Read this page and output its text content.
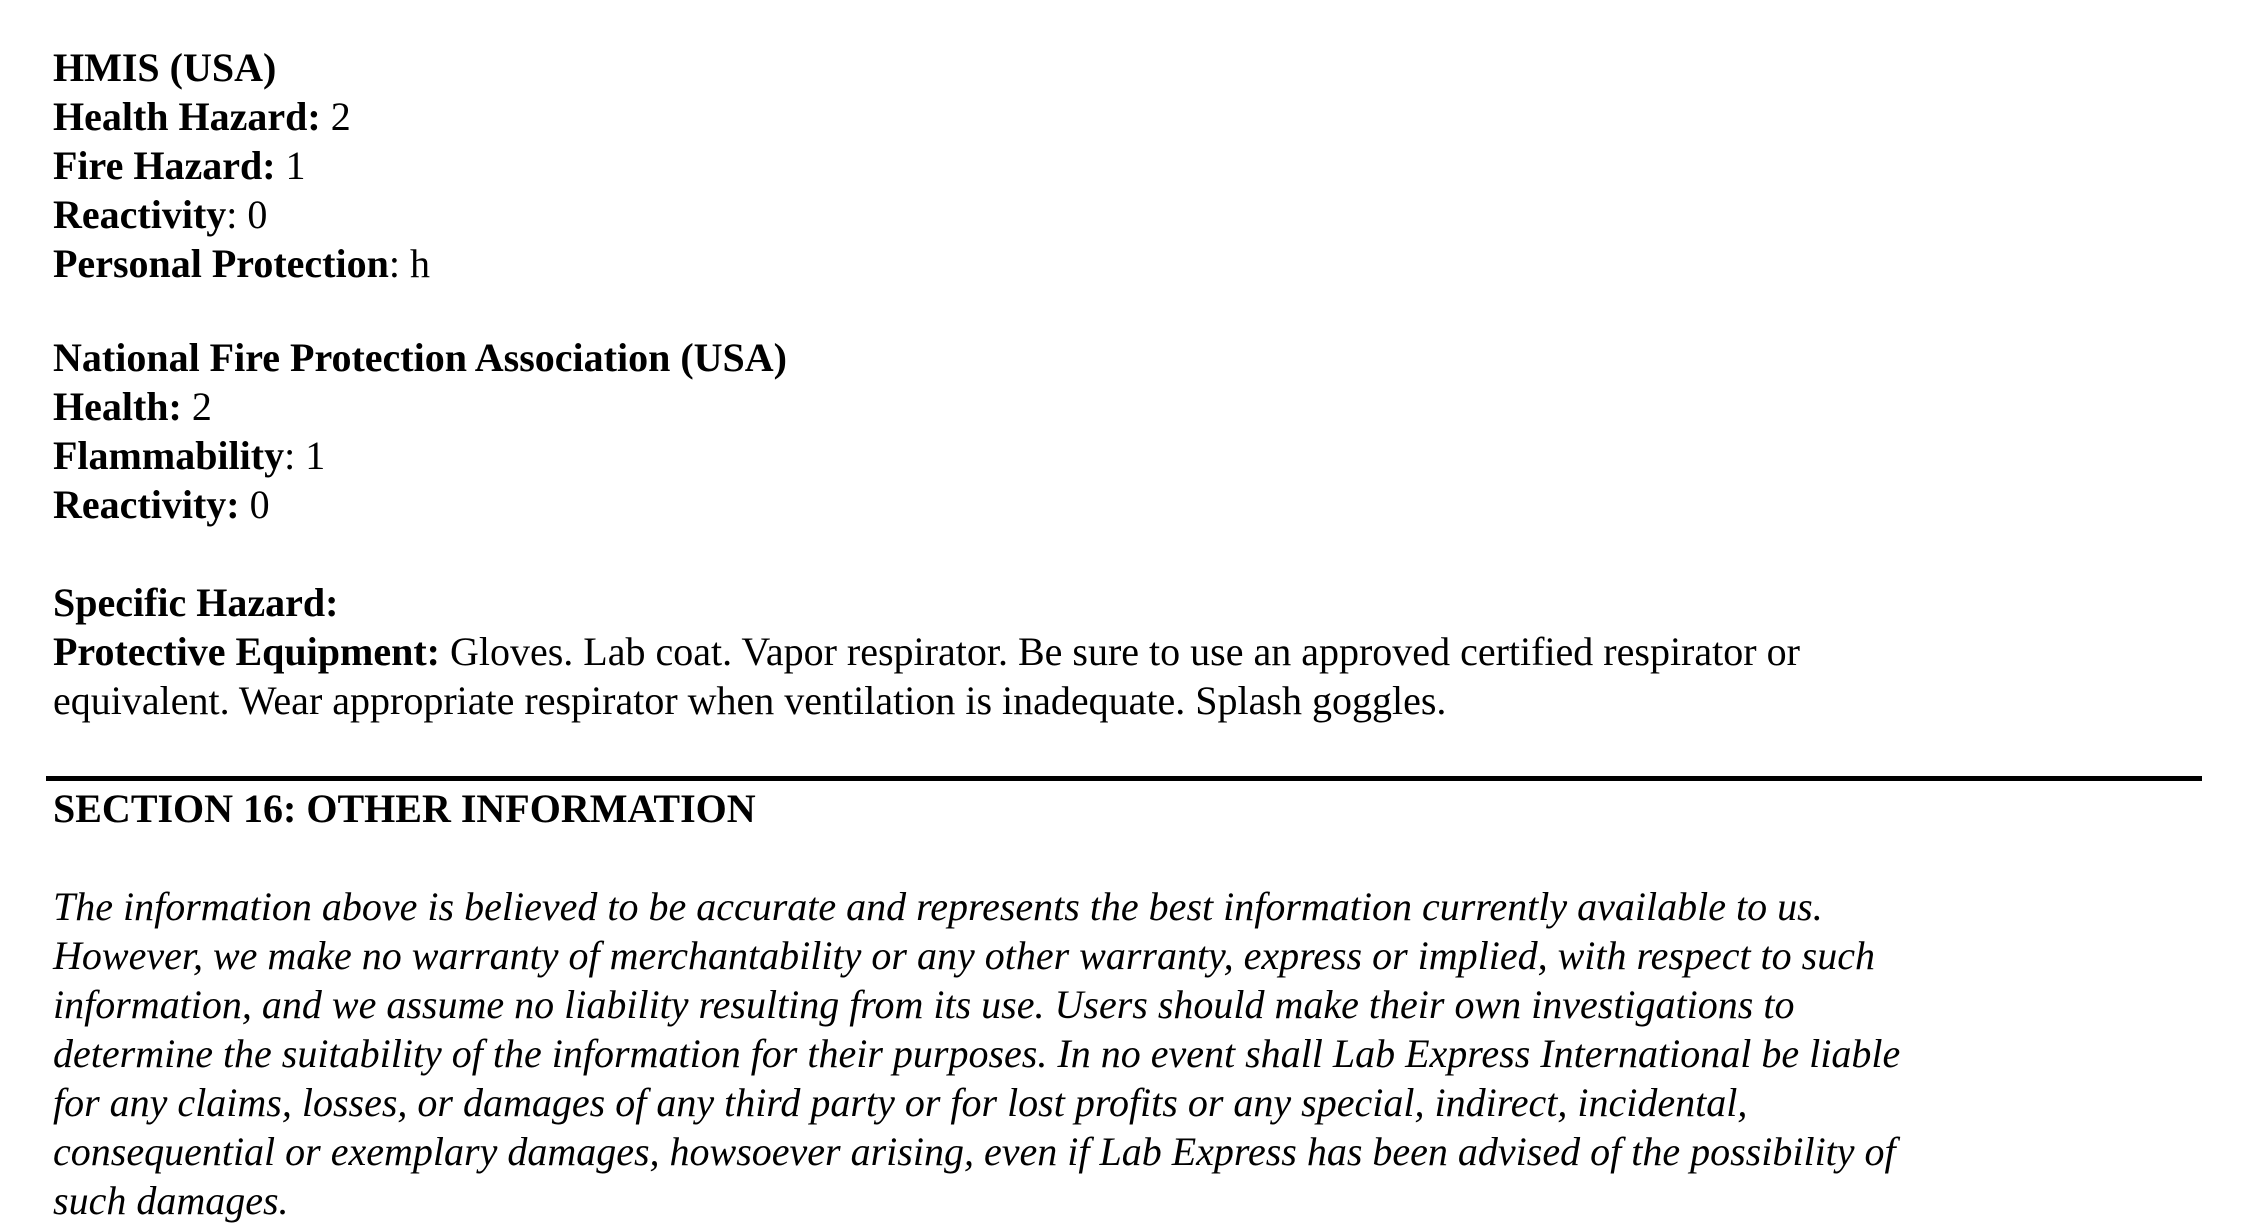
HMIS (USA)
Health Hazard: 2
Fire Hazard: 1
Reactivity: 0
Personal Protection: h
National Fire Protection Association (USA)
Health: 2
Flammability: 1
Reactivity: 0
Specific Hazard:
Protective Equipment: Gloves. Lab coat. Vapor respirator. Be sure to use an approved certified respirator or
equivalent. Wear appropriate respirator when ventilation is inadequate. Splash goggles.
SECTION 16: OTHER INFORMATION
The information above is believed to be accurate and represents the best information currently available to us.
However, we make no warranty of merchantability or any other warranty, express or implied, with respect to such
information, and we assume no liability resulting from its use. Users should make their own investigations to
determine the suitability of the information for their purposes. In no event shall Lab Express International be liable
for any claims, losses, or damages of any third party or for lost profits or any special, indirect, incidental,
consequential or exemplary damages, howsoever arising, even if Lab Express has been advised of the possibility of
such damages.
